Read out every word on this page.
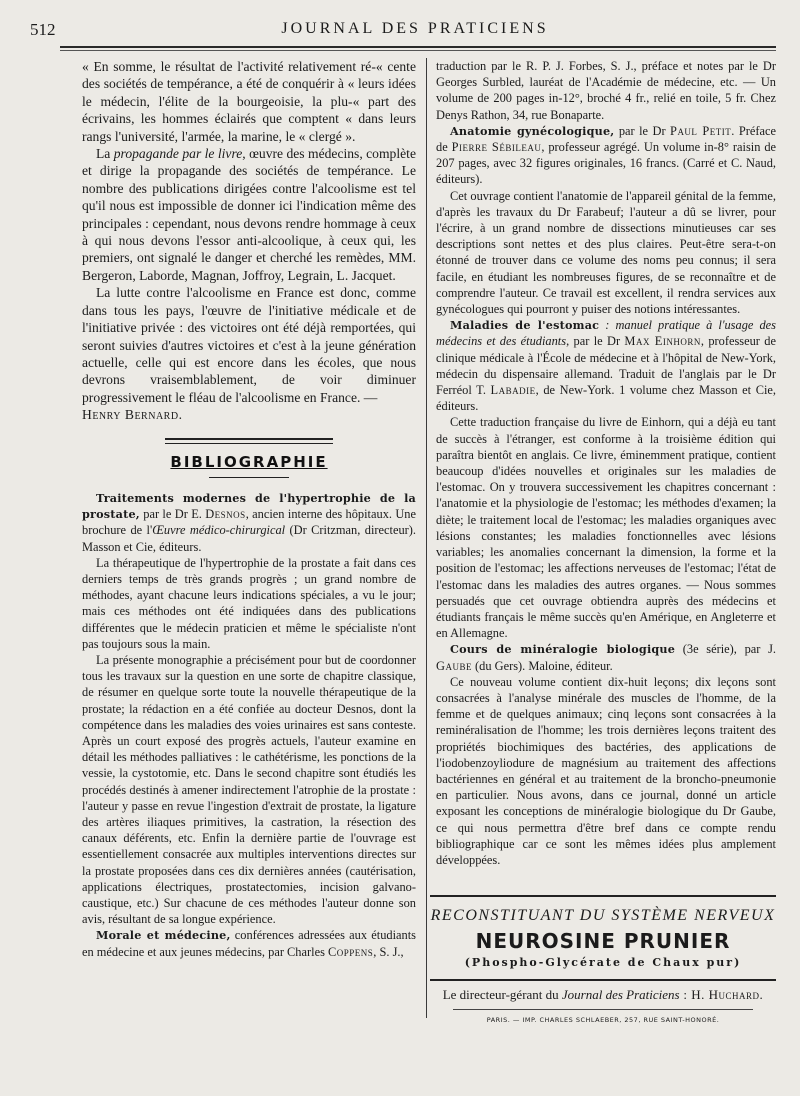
512	JOURNAL DES PRATICIENS

« En somme, le résultat de l'activité relativement ré-« cente des sociétés de tempérance, a été de conquérir à « leurs idées le médecin, l'élite de la bourgeoisie, la plu-« part des écrivains, les hommes éclairés que comptent « dans leurs rangs l'université, l'armée, la marine, le « clergé ».

La propagande par le livre, œuvre des médecins, complète et dirige la propagande des sociétés de tempérance. Le nombre des publications dirigées contre l'alcoolisme est tel qu'il nous est impossible de donner ici l'indication même des principales : cependant, nous devons rendre hommage à ceux à qui nous devons l'essor anti-alcoolique, à ceux qui, les premiers, ont signalé le danger et cherché les remèdes, MM. Bergeron, Laborde, Magnan, Joffroy, Legrain, L. Jacquet.

La lutte contre l'alcoolisme en France est donc, comme dans tous les pays, l'œuvre de l'initiative médicale et de l'initiative privée : des victoires ont été déjà remportées, qui seront suivies d'autres victoires et c'est à la jeune génération actuelle, celle qui est encore dans les écoles, que nous devrons vraisemblablement, de voir diminuer progressivement le fléau de l'alcoolisme en France. —

Henry Bernard.

BIBLIOGRAPHIE

Traitements modernes de l'hypertrophie de la prostate, par le Dr E. Desnos, ancien interne des hôpitaux. Une brochure de l'Œuvre médico-chirurgical (Dr Critzman, directeur). Masson et Cie, éditeurs.

La thérapeutique de l'hypertrophie de la prostate a fait dans ces derniers temps de très grands progrès ; un grand nombre de méthodes, ayant chacune leurs indications spéciales, a vu le jour; mais ces méthodes ont été indiquées dans des publications différentes que le médecin praticien et même le spécialiste n'ont pas toujours sous la main.

La présente monographie a précisément pour but de coordonner tous les travaux sur la question en une sorte de chapitre classique, de résumer en quelque sorte toute la nouvelle thérapeutique de la prostate; la rédaction en a été confiée au docteur Desnos, dont la compétence dans les maladies des voies urinaires est sans conteste. Après un court exposé des progrès actuels, l'auteur examine en détail les méthodes palliatives : le cathétérisme, les ponctions de la vessie, la cystotomie, etc. Dans le second chapitre sont étudiés les procédés destinés à amener indirectement l'atrophie de la prostate : l'auteur y passe en revue l'ingestion d'extrait de prostate, la ligature des artères iliaques primitives, la castration, la résection des canaux déférents, etc. Enfin la dernière partie de l'ouvrage est essentiellement consacrée aux multiples interventions directes sur la prostate proposées dans ces dix dernières années (cautérisation, applications électriques, prostatectomies, incision galvano-caustique, etc.) Sur chacune de ces méthodes l'auteur donne son avis, résultant de sa longue expérience.

Morale et médecine, conférences adressées aux étudiants en médecine et aux jeunes médecins, par Charles Coppens, S. J.,

traduction par le R. P. J. Forbes, S. J., préface et notes par le Dr Georges Surbled, lauréat de l'Académie de médecine, etc. — Un volume de 200 pages in-12°, broché 4 fr., relié en toile, 5 fr. Chez Denys Rathon, 34, rue Bonaparte.

Anatomie gynécologique, par le Dr Paul Petit. Préface de Pierre Sébileau, professeur agrégé. Un volume in-8° raisin de 207 pages, avec 32 figures originales, 16 francs. (Carré et C. Naud, éditeurs).

Cet ouvrage contient l'anatomie de l'appareil génital de la femme, d'après les travaux du Dr Farabeuf; l'auteur a dû se livrer, pour l'écrire, à un grand nombre de dissections minutieuses car ses descriptions sont nettes et des plus claires. Peut-être sera-t-on étonné de trouver dans ce volume des noms peu connus; il sera facile, en étudiant les nombreuses figures, de se reconnaître et de comprendre l'auteur. Ce travail est excellent, il rendra services aux gynécologues qui pourront y puiser des notions intéressantes.

Maladies de l'estomac : manuel pratique à l'usage des médecins et des étudiants, par le Dr Max Einhorn, professeur de clinique médicale à l'École de médecine et à l'hôpital de New-York, médecin du dispensaire allemand. Traduit de l'anglais par le Dr Ferréol T. Labadie, de New-York. 1 volume chez Masson et Cie, éditeurs.

Cette traduction française du livre de Einhorn, qui a déjà eu tant de succès à l'étranger, est conforme à la troisième édition qui paraîtra bientôt en anglais. Ce livre, éminemment pratique, contient beaucoup d'idées nouvelles et originales sur les maladies de l'estomac. On y trouvera successivement les chapitres concernant : l'anatomie et la physiologie de l'estomac; les méthodes d'examen; la diète; le traitement local de l'estomac; les maladies organiques avec lésions constantes; les maladies fonctionnelles avec lésions variables; les anomalies concernant la dimension, la forme et la position de l'estomac; les affections nerveuses de l'estomac; l'état de l'estomac dans les maladies des autres organes. — Nous sommes persuadés que cet ouvrage obtiendra auprès des médecins et étudiants français le même succès qu'en Amérique, en Angleterre et en Allemagne.

Cours de minéralogie biologique (3e série), par J. Gaube (du Gers). Maloine, éditeur.

Ce nouveau volume contient dix-huit leçons; dix leçons sont consacrées à l'analyse minérale des muscles de l'homme, de la femme et de quelques animaux; cinq leçons sont consacrées à la reminéralisation de l'homme; les trois dernières leçons traitent des propriétés biochimiques des bactéries, des applications de l'iodobenzoyliodure de magnésium au traitement des affections bactériennes en général et au traitement de la broncho-pneumonie en particulier. Nous avons, dans ce journal, donné un article exposant les conceptions de minéralogie biologique du Dr Gaube, ce qui nous permettra d'être bref dans ce compte rendu bibliographique car ce sont les mêmes idées plus amplement développées.

RECONSTITUANT DU SYSTÈME NERVEUX
NEUROSINE PRUNIER
(Phospho-Glycérate de Chaux pur)
Le directeur-gérant du Journal des Praticiens : H. Huchard.
PARIS. — IMP. CHARLES SCHLAEBER, 257, RUE SAINT-HONORÉ.
